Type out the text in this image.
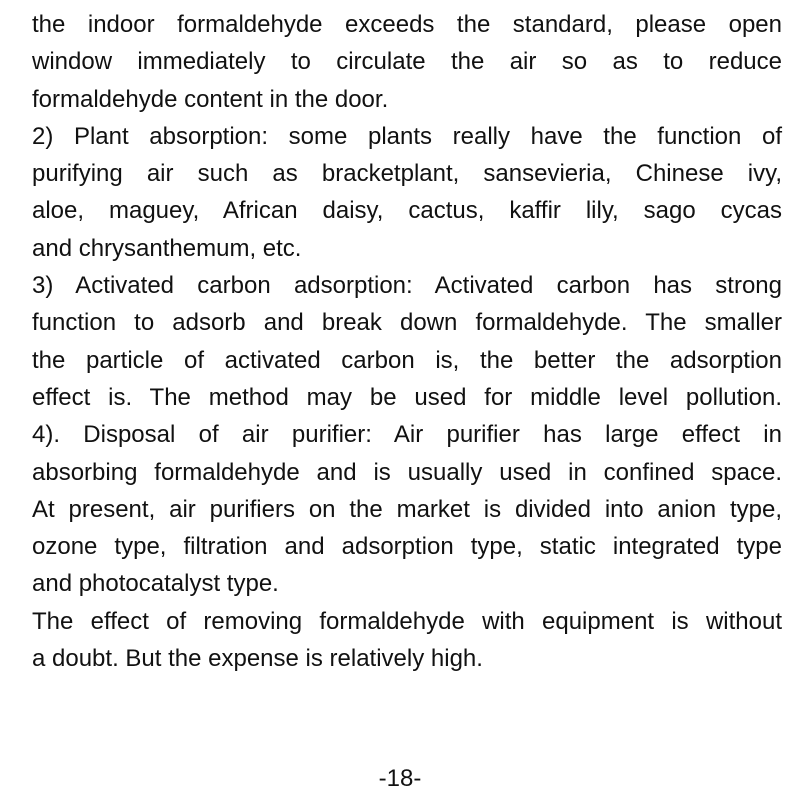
the indoor formaldehyde exceeds the standard, please open
window immediately to circulate the air so as to reduce
formaldehyde content in the door.
2) Plant absorption: some plants really have the function of
purifying air such as bracketplant, sansevieria, Chinese ivy,
aloe, maguey, African daisy, cactus, kaffir lily, sago cycas
and chrysanthemum, etc.
3) Activated carbon adsorption: Activated carbon has strong
function to adsorb and break down formaldehyde. The smaller
the particle of activated carbon is, the better the adsorption
effect is. The method may be used for middle level pollution.
4). Disposal of air purifier: Air purifier has large effect in
absorbing formaldehyde and is usually used in confined space.
At present, air purifiers on the market is divided into anion type,
ozone type, filtration and adsorption type, static integrated type
and photocatalyst type.
The effect of removing formaldehyde with equipment is without
a doubt. But the expense is relatively high.
-18-
